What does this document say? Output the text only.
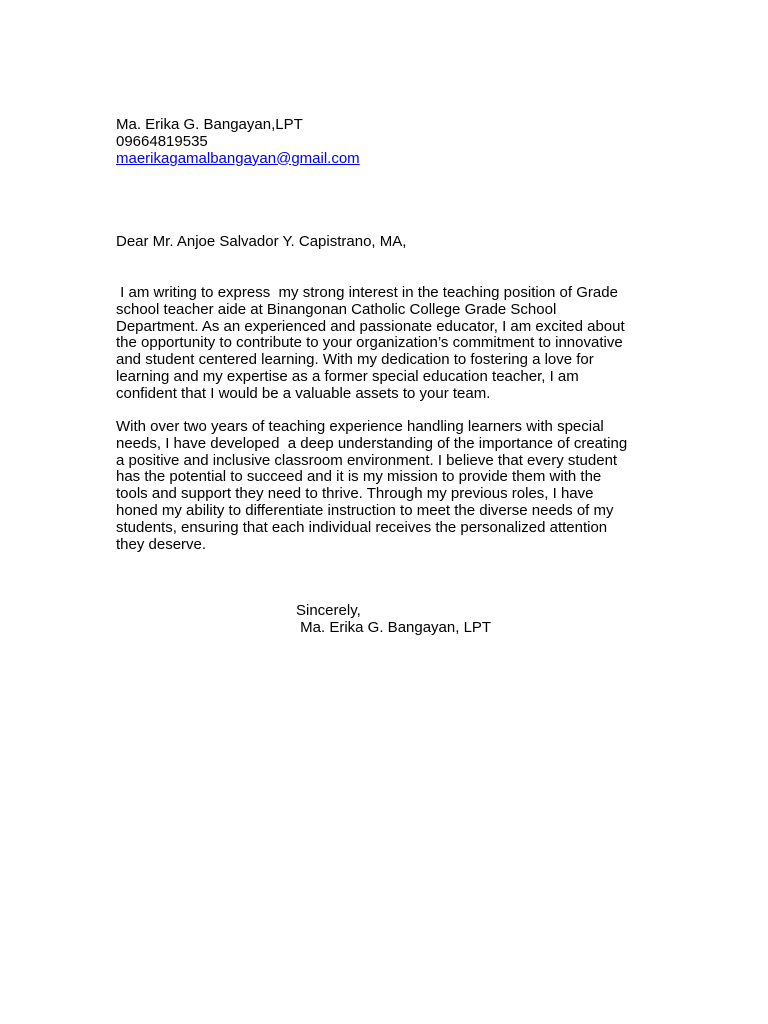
Ma. Erika G. Bangayan,LPT
09664819535
maerikagamalbangayan@gmail.com
Dear Mr. Anjoe Salvador Y. Capistrano, MA,
I am writing to express  my strong interest in the teaching position of Grade
school teacher aide at Binangonan Catholic College Grade School
Department. As an experienced and passionate educator, I am excited about
the opportunity to contribute to your organization’s commitment to innovative
and student centered learning. With my dedication to fostering a love for
learning and my expertise as a former special education teacher, I am
confident that I would be a valuable assets to your team.
With over two years of teaching experience handling learners with special
needs, I have developed  a deep understanding of the importance of creating
a positive and inclusive classroom environment. I believe that every student
has the potential to succeed and it is my mission to provide them with the
tools and support they need to thrive. Through my previous roles, I have
honed my ability to differentiate instruction to meet the diverse needs of my
students, ensuring that each individual receives the personalized attention
they deserve.
Sincerely,
Ma. Erika G. Bangayan, LPT
